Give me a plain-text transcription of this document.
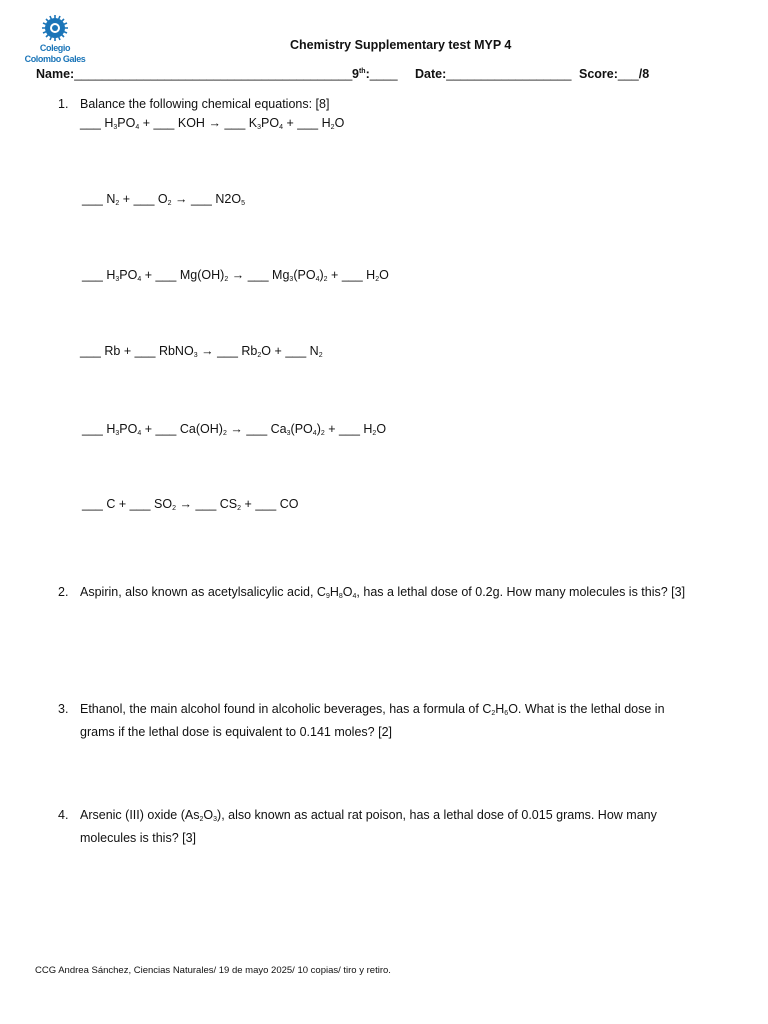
Colegio
Colombo Gales
Chemistry Supplementary test MYP 4
Name:________________________________________ 9th:____ Date:__________________ Score:___/8
1. Balance the following chemical equations: [8]
___ $H_3PO_4$ + ___ KOH → ___ $K_3PO_4$ + ___ $H_2O$
___ $N_2$ + ___ $O_2$ → ___ $N2O_5$
___ $H_3PO_4$ + ___ $Mg(OH)_2$ → ___ $Mg_3(PO_4)_2$ + ___ $H_2O$
___ Rb + ___ RbNO$_3$ → ___ $Rb_2O$ + ___ $N_2$
___ $H_3PO_4$ + ___ $Ca(OH)_2$ → ___ $Ca_3(PO_4)_2$ + ___ $H_2O$
___ C + ___ $SO_2$ → ___ $CS_2$ + ___ CO
2. Aspirin, also known as acetylsalicylic acid, $C_9H_8O_4$, has a lethal dose of 0.2g. How many molecules is this? [3]
3. Ethanol, the main alcohol found in alcoholic beverages, has a formula of $C_2H_6O$. What is the lethal dose in
grams if the lethal dose is equivalent to 0.141 moles? [2]
4. Arsenic (III) oxide $(As_2O_3)$, also known as actual rat poison, has a lethal dose of 0.015 grams. How many
molecules is this? [3]
CCG Andrea Sánchez, Ciencias Naturales/ 19 de mayo 2025/ 10 copias/ tiro y retiro.
